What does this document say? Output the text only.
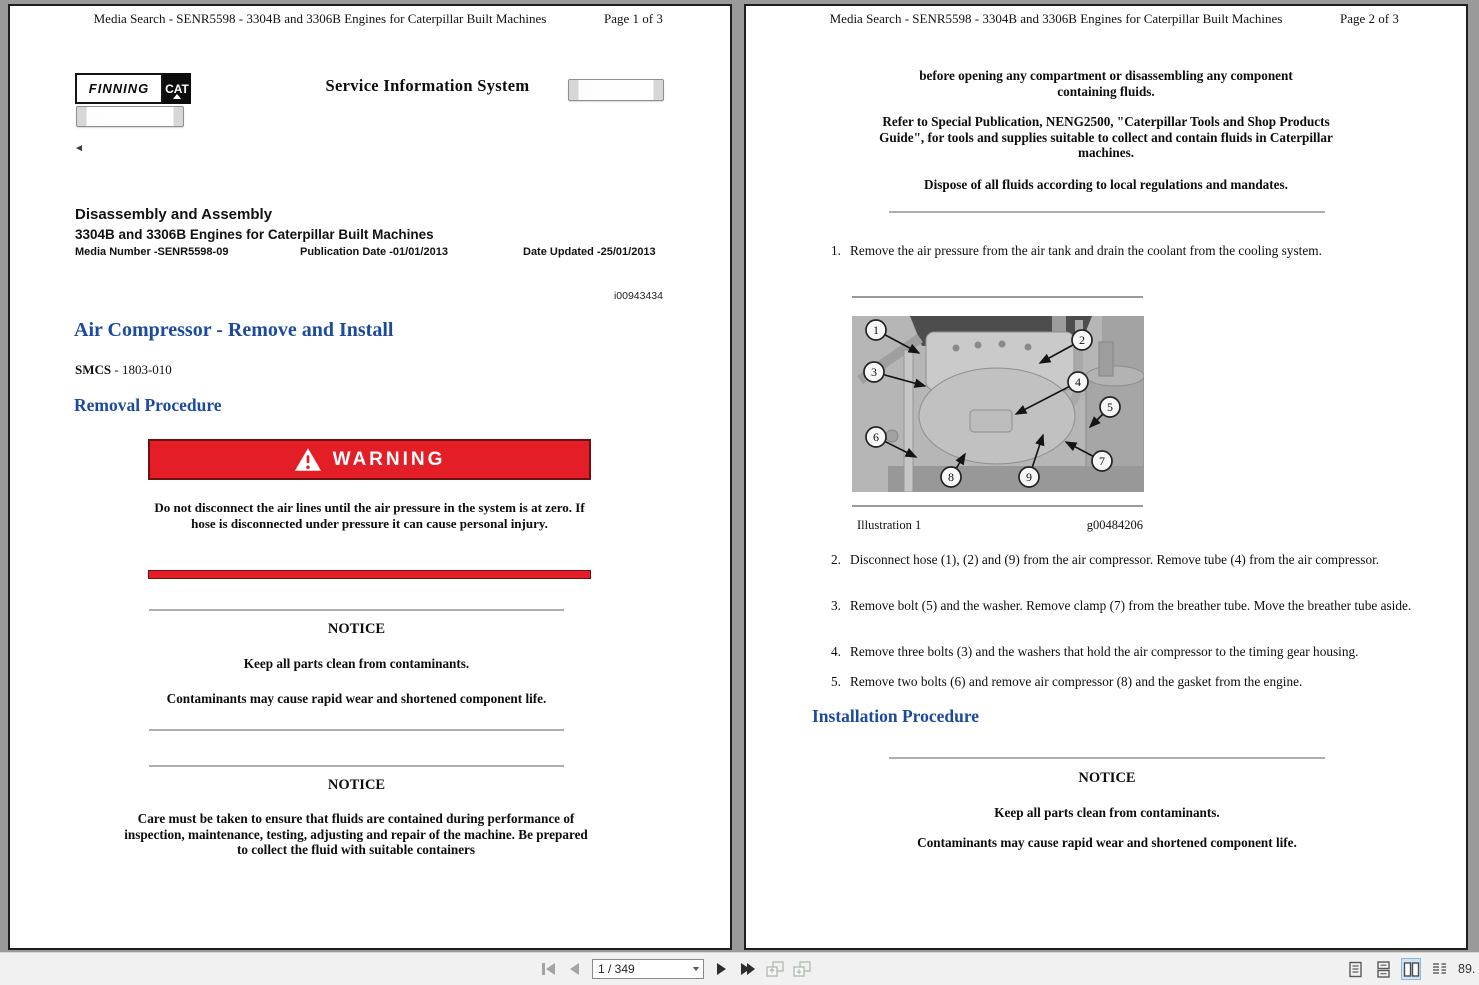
Media Search - SENR5598 - 3304B and 3306B Engines for Caterpillar Built Machines	Page 1 of 3
FINNING	CAT	Service Information System
◄
Disassembly and Assembly
3304B and 3306B Engines for Caterpillar Built Machines
Media Number -SENR5598-09	Publication Date -01/01/2013	Date Updated -25/01/2013
i00943434
Air Compressor - Remove and Install
SMCS - 1803-010
Removal Procedure
WARNING
Do not disconnect the air lines until the air pressure in the system is at zero. If hose is disconnected under pressure it can cause personal injury.
NOTICE
Keep all parts clean from contaminants.
Contaminants may cause rapid wear and shortened component life.
NOTICE
Care must be taken to ensure that fluids are contained during performance of inspection, maintenance, testing, adjusting and repair of the machine. Be prepared to collect the fluid with suitable containers
Media Search - SENR5598 - 3304B and 3306B Engines for Caterpillar Built Machines	Page 2 of 3
before opening any compartment or disassembling any component containing fluids.
Refer to Special Publication, NENG2500, "Caterpillar Tools and Shop Products Guide", for tools and supplies suitable to collect and contain fluids in Caterpillar machines.
Dispose of all fluids according to local regulations and mandates.
1. Remove the air pressure from the air tank and drain the coolant from the cooling system.
1
2
3
4
5
6
7
8	9
Illustration 1	g00484206
2. Disconnect hose (1), (2) and (9) from the air compressor. Remove tube (4) from the air compressor.
3. Remove bolt (5) and the washer. Remove clamp (7) from the breather tube. Move the breather tube aside.
4. Remove three bolts (3) and the washers that hold the air compressor to the timing gear housing.
5. Remove two bolts (6) and remove air compressor (8) and the gasket from the engine.
Installation Procedure
NOTICE
Keep all parts clean from contaminants.
Contaminants may cause rapid wear and shortened component life.
1 / 349	89.
